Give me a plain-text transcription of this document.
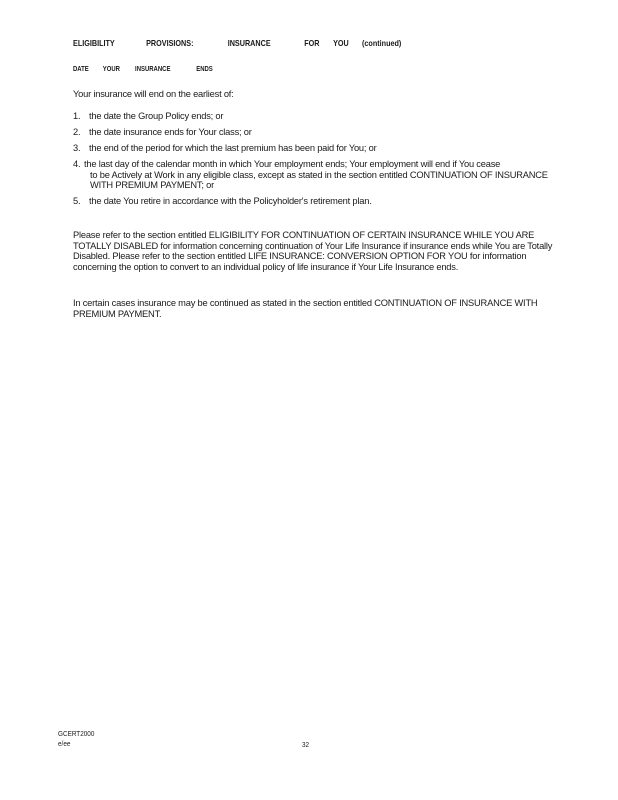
ELIGIBILITY	PROVISIONS:	INSURANCE	FOR YOU (continued)
DATE YOUR INSURANCE	ENDS
Your insurance will end on the earliest of:
1. the date the Group Policy ends; or
2. the date insurance ends for Your class; or
3. the end of the period for which the last premium has been paid for You; or
4. the last day of the calendar month in which Your employment ends; Your employment will end if You cease
to be Actively at Work in any eligible class, except as stated in the section entitled CONTINUATION OF INSURANCE WITH PREMIUM PAYMENT; or
5. the date You retire in accordance with the Policyholder's retirement plan.
Please refer to the section entitled ELIGIBILITY FOR CONTINUATION OF CERTAIN INSURANCE WHILE YOU ARE TOTALLY DISABLED for information concerning continuation of Your Life Insurance if insurance ends while You are Totally Disabled. Please refer to the section entitled LIFE INSURANCE: CONVERSION OPTION FOR YOU for information concerning the option to convert to an individual policy of life insurance if Your Life Insurance ends.
In certain cases insurance may be continued as stated in the section entitled CONTINUATION OF INSURANCE WITH PREMIUM PAYMENT.
GCERT2000
e/ee	32
